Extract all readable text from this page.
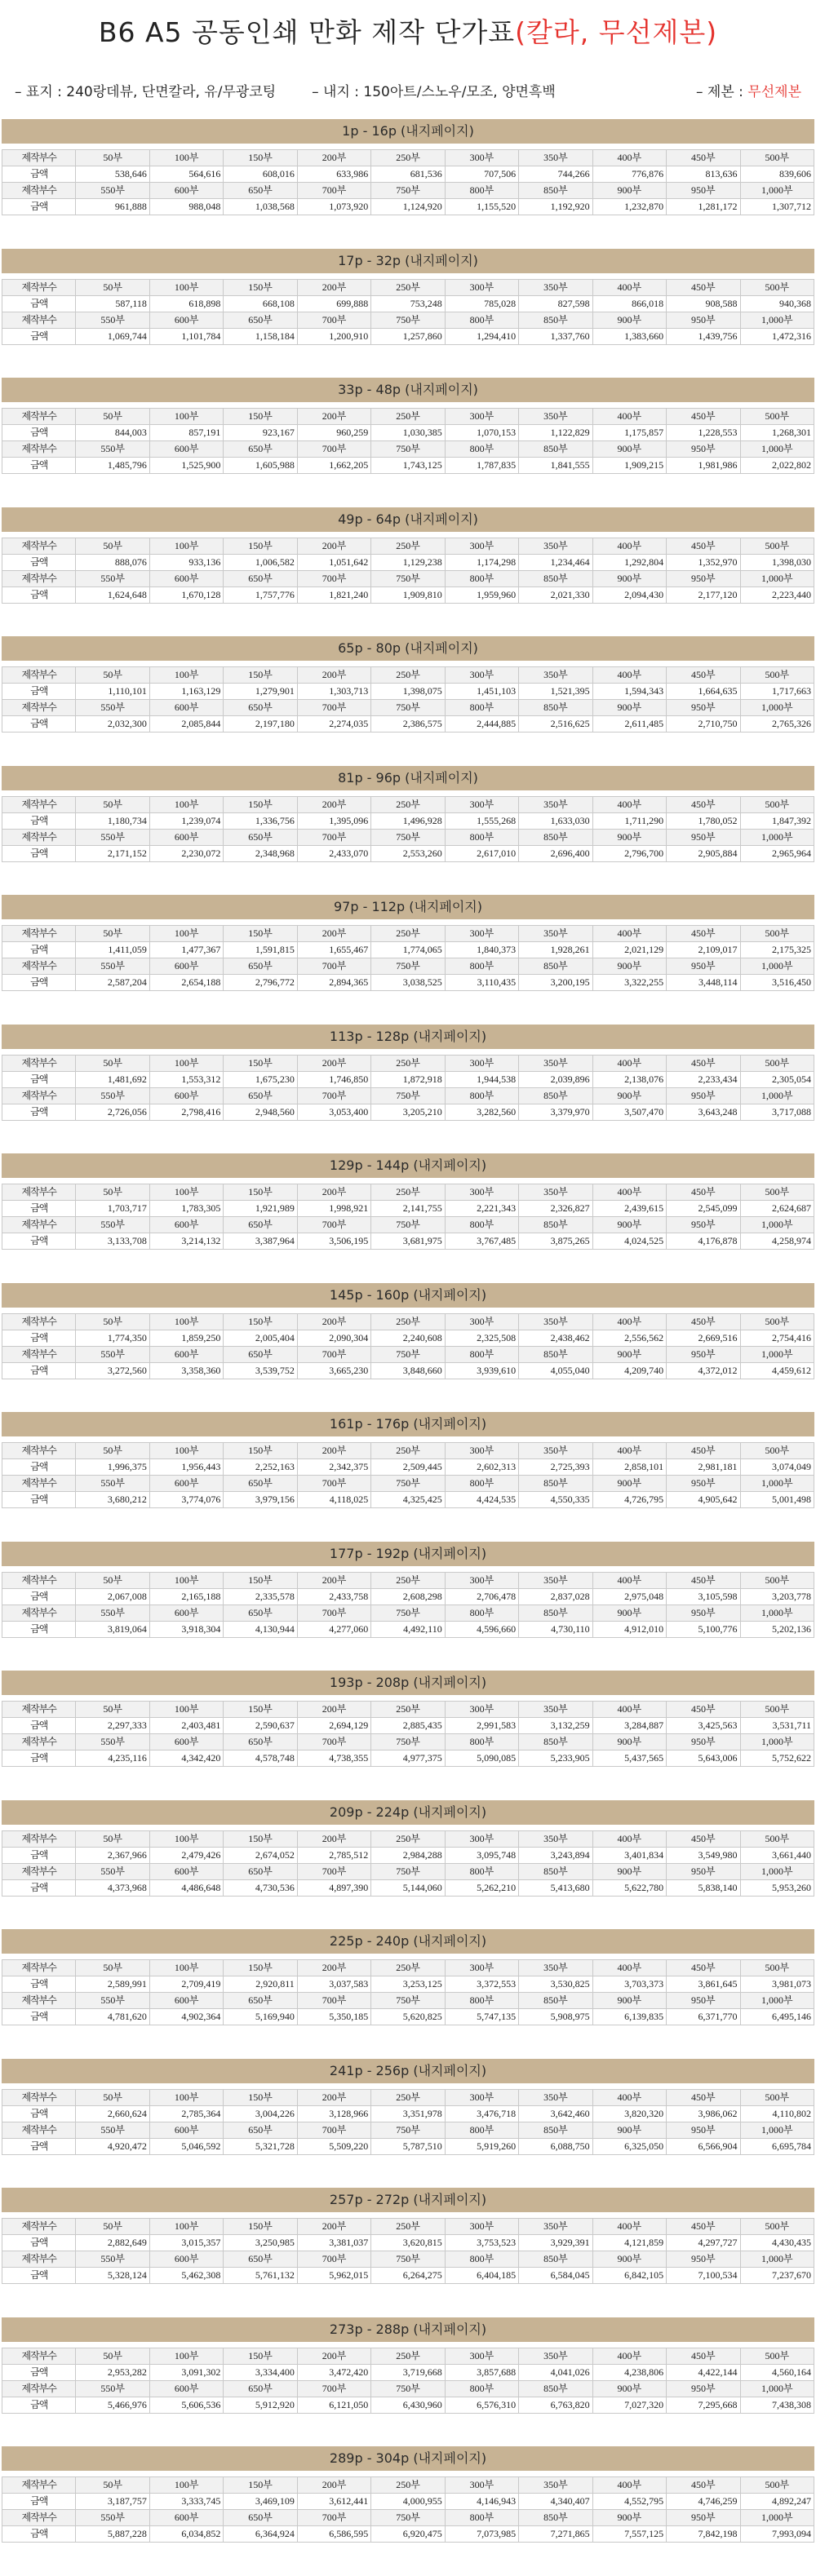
B6 A5 공동인쇄 만화 제작 단가표(칼라, 무선제본)
– 표지 : 240랑데뷰, 단면칼라, 유/무광코팅	– 내지 : 150아트/스노우/모조, 양면흑백	– 제본 : 무선제본
1p - 16p (내지페이지)
제작부수	50부	100부	150부	200부	250부	300부	350부	400부	450부	500부
금액	538,646	564,616	608,016	633,986	681,536	707,506	744,266	776,876	813,636	839,606
제작부수	550부	600부	650부	700부	750부	800부	850부	900부	950부	1,000부
금액	961,888	988,048	1,038,568	1,073,920	1,124,920	1,155,520	1,192,920	1,232,870	1,281,172	1,307,712
17p - 32p (내지페이지)
제작부수	50부	100부	150부	200부	250부	300부	350부	400부	450부	500부
금액	587,118	618,898	668,108	699,888	753,248	785,028	827,598	866,018	908,588	940,368
제작부수	550부	600부	650부	700부	750부	800부	850부	900부	950부	1,000부
금액	1,069,744	1,101,784	1,158,184	1,200,910	1,257,860	1,294,410	1,337,760	1,383,660	1,439,756	1,472,316
33p - 48p (내지페이지)
제작부수	50부	100부	150부	200부	250부	300부	350부	400부	450부	500부
금액	844,003	857,191	923,167	960,259	1,030,385	1,070,153	1,122,829	1,175,857	1,228,553	1,268,301
제작부수	550부	600부	650부	700부	750부	800부	850부	900부	950부	1,000부
금액	1,485,796	1,525,900	1,605,988	1,662,205	1,743,125	1,787,835	1,841,555	1,909,215	1,981,986	2,022,802
49p - 64p (내지페이지)
제작부수	50부	100부	150부	200부	250부	300부	350부	400부	450부	500부
금액	888,076	933,136	1,006,582	1,051,642	1,129,238	1,174,298	1,234,464	1,292,804	1,352,970	1,398,030
제작부수	550부	600부	650부	700부	750부	800부	850부	900부	950부	1,000부
금액	1,624,648	1,670,128	1,757,776	1,821,240	1,909,810	1,959,960	2,021,330	2,094,430	2,177,120	2,223,440
65p - 80p (내지페이지)
제작부수	50부	100부	150부	200부	250부	300부	350부	400부	450부	500부
금액	1,110,101	1,163,129	1,279,901	1,303,713	1,398,075	1,451,103	1,521,395	1,594,343	1,664,635	1,717,663
제작부수	550부	600부	650부	700부	750부	800부	850부	900부	950부	1,000부
금액	2,032,300	2,085,844	2,197,180	2,274,035	2,386,575	2,444,885	2,516,625	2,611,485	2,710,750	2,765,326
81p - 96p (내지페이지)
제작부수	50부	100부	150부	200부	250부	300부	350부	400부	450부	500부
금액	1,180,734	1,239,074	1,336,756	1,395,096	1,496,928	1,555,268	1,633,030	1,711,290	1,780,052	1,847,392
제작부수	550부	600부	650부	700부	750부	800부	850부	900부	950부	1,000부
금액	2,171,152	2,230,072	2,348,968	2,433,070	2,553,260	2,617,010	2,696,400	2,796,700	2,905,884	2,965,964
97p - 112p (내지페이지)
제작부수	50부	100부	150부	200부	250부	300부	350부	400부	450부	500부
금액	1,411,059	1,477,367	1,591,815	1,655,467	1,774,065	1,840,373	1,928,261	2,021,129	2,109,017	2,175,325
제작부수	550부	600부	650부	700부	750부	800부	850부	900부	950부	1,000부
금액	2,587,204	2,654,188	2,796,772	2,894,365	3,038,525	3,110,435	3,200,195	3,322,255	3,448,114	3,516,450
113p - 128p (내지페이지)
제작부수	50부	100부	150부	200부	250부	300부	350부	400부	450부	500부
금액	1,481,692	1,553,312	1,675,230	1,746,850	1,872,918	1,944,538	2,039,896	2,138,076	2,233,434	2,305,054
제작부수	550부	600부	650부	700부	750부	800부	850부	900부	950부	1,000부
금액	2,726,056	2,798,416	2,948,560	3,053,400	3,205,210	3,282,560	3,379,970	3,507,470	3,643,248	3,717,088
129p - 144p (내지페이지)
제작부수	50부	100부	150부	200부	250부	300부	350부	400부	450부	500부
금액	1,703,717	1,783,305	1,921,989	1,998,921	2,141,755	2,221,343	2,326,827	2,439,615	2,545,099	2,624,687
제작부수	550부	600부	650부	700부	750부	800부	850부	900부	950부	1,000부
금액	3,133,708	3,214,132	3,387,964	3,506,195	3,681,975	3,767,485	3,875,265	4,024,525	4,176,878	4,258,974
145p - 160p (내지페이지)
제작부수	50부	100부	150부	200부	250부	300부	350부	400부	450부	500부
금액	1,774,350	1,859,250	2,005,404	2,090,304	2,240,608	2,325,508	2,438,462	2,556,562	2,669,516	2,754,416
제작부수	550부	600부	650부	700부	750부	800부	850부	900부	950부	1,000부
금액	3,272,560	3,358,360	3,539,752	3,665,230	3,848,660	3,939,610	4,055,040	4,209,740	4,372,012	4,459,612
161p - 176p (내지페이지)
제작부수	50부	100부	150부	200부	250부	300부	350부	400부	450부	500부
금액	1,996,375	1,956,443	2,252,163	2,342,375	2,509,445	2,602,313	2,725,393	2,858,101	2,981,181	3,074,049
제작부수	550부	600부	650부	700부	750부	800부	850부	900부	950부	1,000부
금액	3,680,212	3,774,076	3,979,156	4,118,025	4,325,425	4,424,535	4,550,335	4,726,795	4,905,642	5,001,498
177p - 192p (내지페이지)
제작부수	50부	100부	150부	200부	250부	300부	350부	400부	450부	500부
금액	2,067,008	2,165,188	2,335,578	2,433,758	2,608,298	2,706,478	2,837,028	2,975,048	3,105,598	3,203,778
제작부수	550부	600부	650부	700부	750부	800부	850부	900부	950부	1,000부
금액	3,819,064	3,918,304	4,130,944	4,277,060	4,492,110	4,596,660	4,730,110	4,912,010	5,100,776	5,202,136
193p - 208p (내지페이지)
제작부수	50부	100부	150부	200부	250부	300부	350부	400부	450부	500부
금액	2,297,333	2,403,481	2,590,637	2,694,129	2,885,435	2,991,583	3,132,259	3,284,887	3,425,563	3,531,711
제작부수	550부	600부	650부	700부	750부	800부	850부	900부	950부	1,000부
금액	4,235,116	4,342,420	4,578,748	4,738,355	4,977,375	5,090,085	5,233,905	5,437,565	5,643,006	5,752,622
209p - 224p (내지페이지)
제작부수	50부	100부	150부	200부	250부	300부	350부	400부	450부	500부
금액	2,367,966	2,479,426	2,674,052	2,785,512	2,984,288	3,095,748	3,243,894	3,401,834	3,549,980	3,661,440
제작부수	550부	600부	650부	700부	750부	800부	850부	900부	950부	1,000부
금액	4,373,968	4,486,648	4,730,536	4,897,390	5,144,060	5,262,210	5,413,680	5,622,780	5,838,140	5,953,260
225p - 240p (내지페이지)
제작부수	50부	100부	150부	200부	250부	300부	350부	400부	450부	500부
금액	2,589,991	2,709,419	2,920,811	3,037,583	3,253,125	3,372,553	3,530,825	3,703,373	3,861,645	3,981,073
제작부수	550부	600부	650부	700부	750부	800부	850부	900부	950부	1,000부
금액	4,781,620	4,902,364	5,169,940	5,350,185	5,620,825	5,747,135	5,908,975	6,139,835	6,371,770	6,495,146
241p - 256p (내지페이지)
제작부수	50부	100부	150부	200부	250부	300부	350부	400부	450부	500부
금액	2,660,624	2,785,364	3,004,226	3,128,966	3,351,978	3,476,718	3,642,460	3,820,320	3,986,062	4,110,802
제작부수	550부	600부	650부	700부	750부	800부	850부	900부	950부	1,000부
금액	4,920,472	5,046,592	5,321,728	5,509,220	5,787,510	5,919,260	6,088,750	6,325,050	6,566,904	6,695,784
257p - 272p (내지페이지)
제작부수	50부	100부	150부	200부	250부	300부	350부	400부	450부	500부
금액	2,882,649	3,015,357	3,250,985	3,381,037	3,620,815	3,753,523	3,929,391	4,121,859	4,297,727	4,430,435
제작부수	550부	600부	650부	700부	750부	800부	850부	900부	950부	1,000부
금액	5,328,124	5,462,308	5,761,132	5,962,015	6,264,275	6,404,185	6,584,045	6,842,105	7,100,534	7,237,670
273p - 288p (내지페이지)
제작부수	50부	100부	150부	200부	250부	300부	350부	400부	450부	500부
금액	2,953,282	3,091,302	3,334,400	3,472,420	3,719,668	3,857,688	4,041,026	4,238,806	4,422,144	4,560,164
제작부수	550부	600부	650부	700부	750부	800부	850부	900부	950부	1,000부
금액	5,466,976	5,606,536	5,912,920	6,121,050	6,430,960	6,576,310	6,763,820	7,027,320	7,295,668	7,438,308
289p - 304p (내지페이지)
제작부수	50부	100부	150부	200부	250부	300부	350부	400부	450부	500부
금액	3,187,757	3,333,745	3,469,109	3,612,441	4,000,955	4,146,943	4,340,407	4,552,795	4,746,259	4,892,247
제작부수	550부	600부	650부	700부	750부	800부	850부	900부	950부	1,000부
금액	5,887,228	6,034,852	6,364,924	6,586,595	6,920,475	7,073,985	7,271,865	7,557,125	7,842,198	7,993,094
